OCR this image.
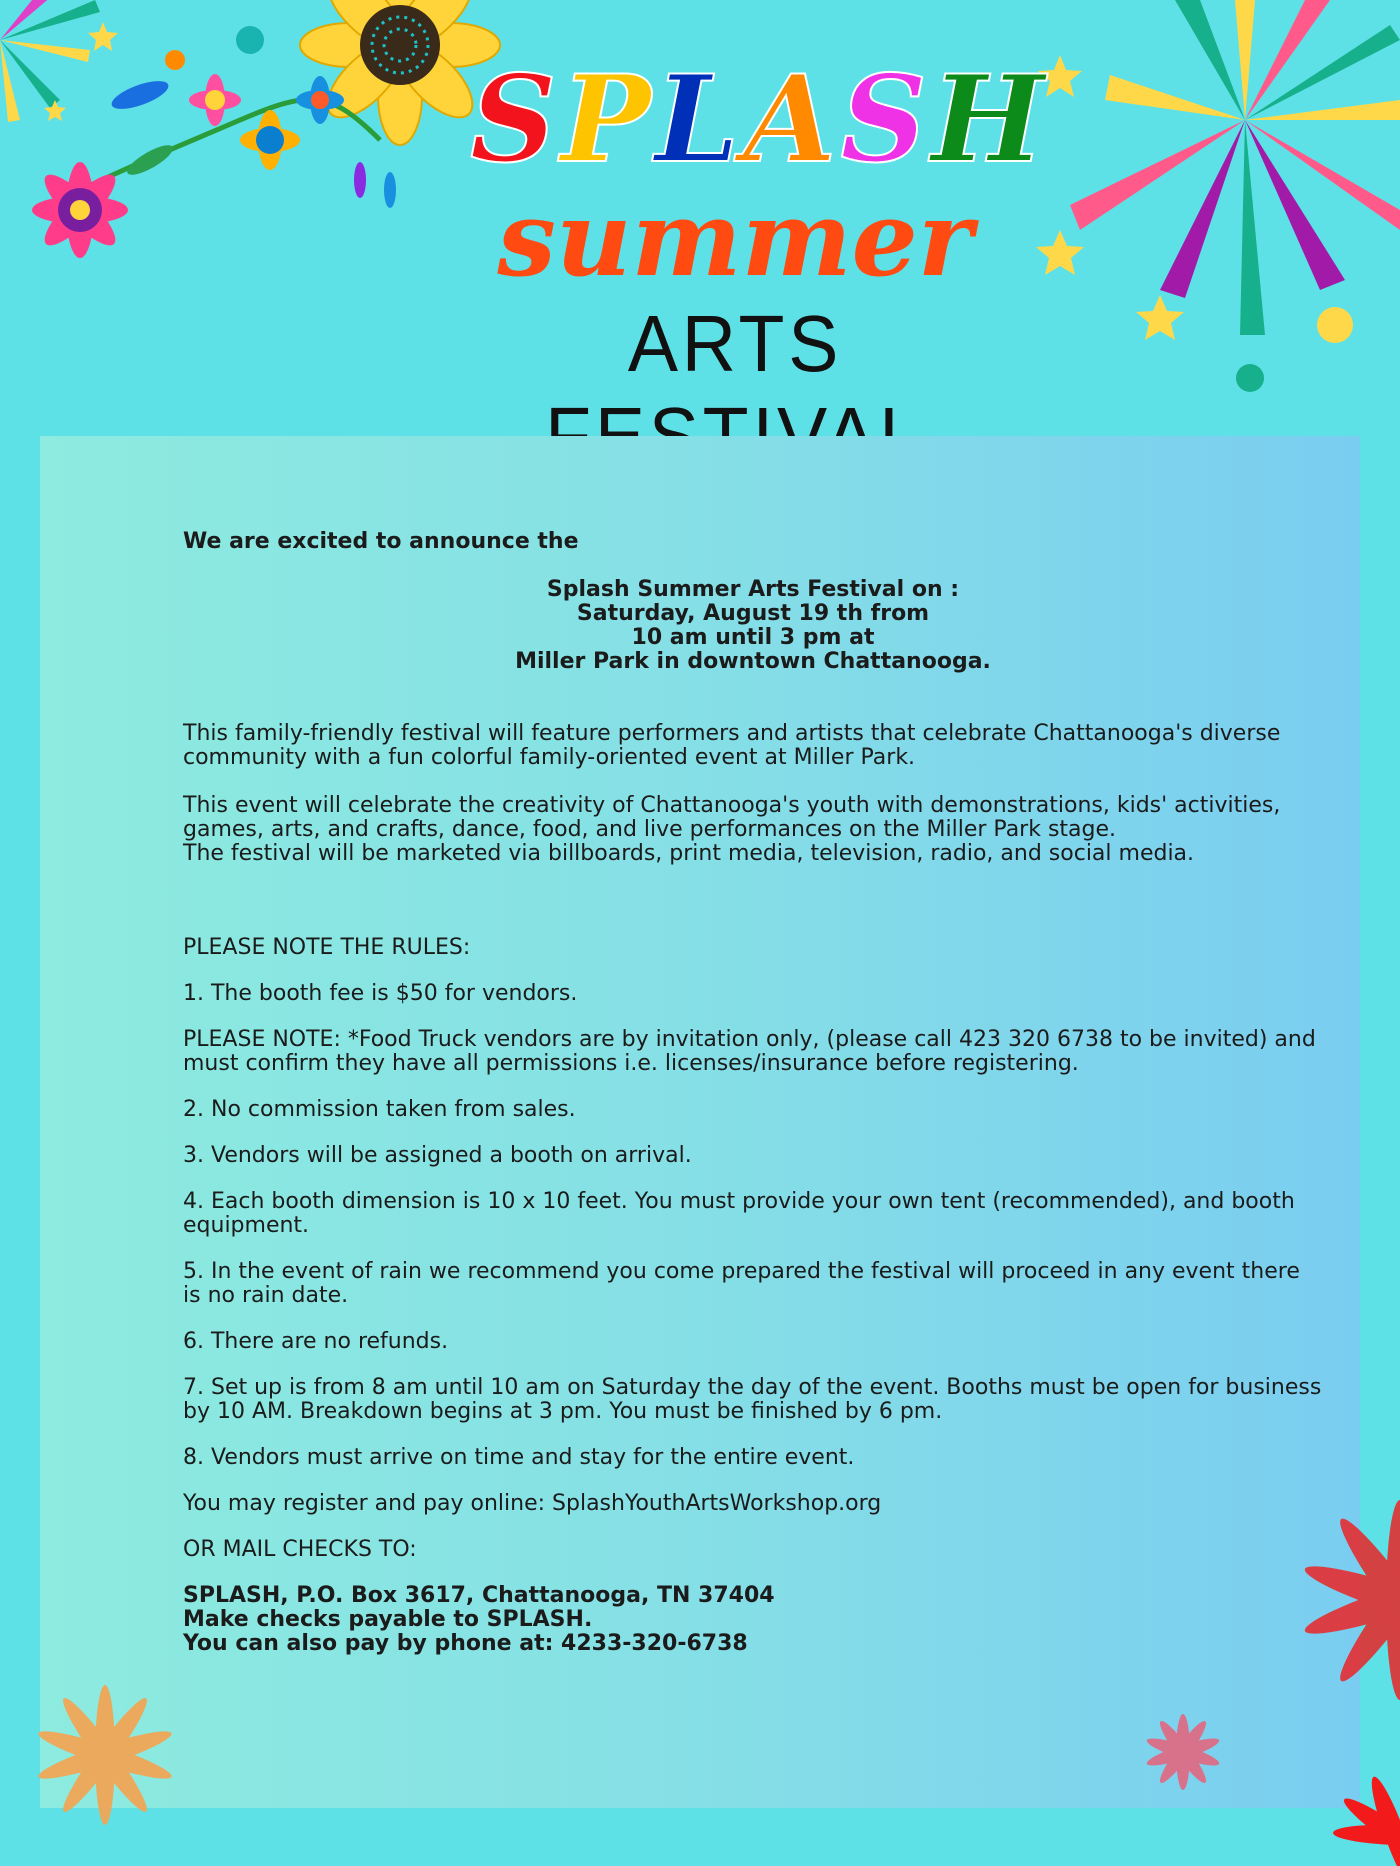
SPLASH
summer
ARTS

We are excited to announce the

Splash Summer Arts Festival on :
Saturday, August 19 th from
10 am until 3 pm at
Miller Park in downtown Chattanooga.

This family-friendly festival will feature performers and artists that celebrate Chattanooga's diverse community with a fun colorful family-oriented event at Miller Park.

This event will celebrate the creativity of Chattanooga's youth with demonstrations, kids' activities, games, arts, and crafts, dance, food, and live performances on the Miller Park stage.

The festival will be marketed via billboards, print media, television, radio, and social media.

PLEASE NOTE THE RULES:

1. The booth fee is $50 for vendors.

PLEASE NOTE: *Food Truck vendors are by invitation only, (please call 423 320 6738 to be invited) and must confirm they have all permissions i.e. licenses/insurance before registering.

2. No commission taken from sales.

3. Vendors will be assigned a booth on arrival.

4. Each booth dimension is 10 x 10 feet. You must provide your own tent (recommended), and booth equipment.

5. In the event of rain we recommend you come prepared the festival will proceed in any event there is no rain date.

6. There are no refunds.

7. Set up is from 8 am until 10 am on Saturday the day of the event. Booths must be open for business by 10 AM. Breakdown begins at 3 pm. You must be finished by 6 pm.

8. Vendors must arrive on time and stay for the entire event.

You may register and pay online: SplashYouthArtsWorkshop.org

OR MAIL CHECKS TO:

SPLASH, P.O. Box 3617, Chattanooga, TN 37404
Make checks payable to SPLASH.
You can also pay by phone at: 4233-320-6738
